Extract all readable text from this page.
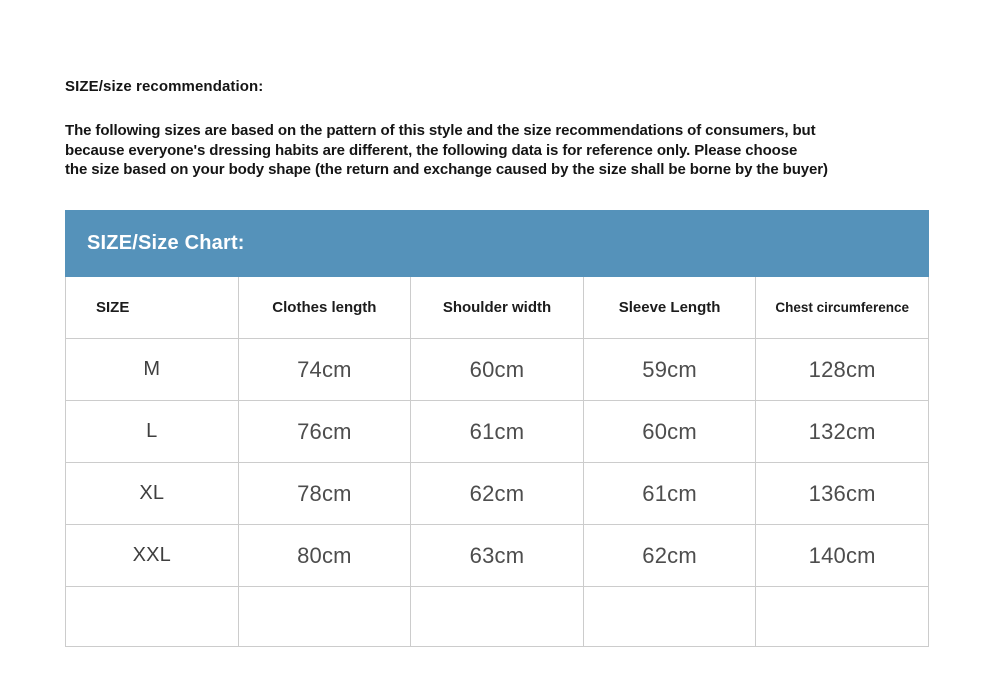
SIZE/size recommendation:
The following sizes are based on the pattern of this style and the size recommendations of consumers, but
because everyone's dressing habits are different, the following data is for reference only. Please choose
the size based on your body shape (the return and exchange caused by the size shall be borne by the buyer)
SIZE/Size Chart:
SIZE	Clothes length	Shoulder width	Sleeve Length	Chest circumference
M	74cm	60cm	59cm	128cm
L	76cm	61cm	60cm	132cm
XL	78cm	62cm	61cm	136cm
XXL	80cm	63cm	62cm	140cm
